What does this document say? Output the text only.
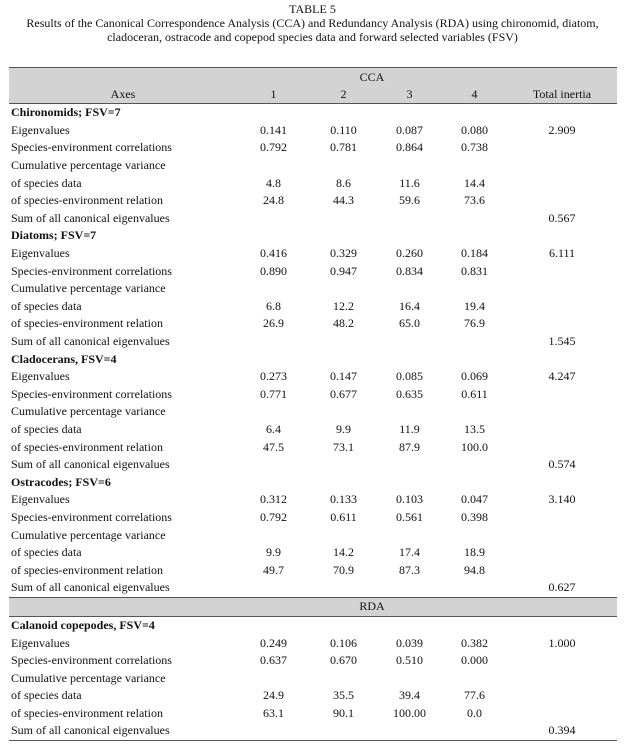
TABLE 5
Results of the Canonical Correspondence Analysis (CCA) and Redundancy Analysis (RDA) using chironomid, diatom, cladoceran, ostracode and copepod species data and forward selected variables (FSV)
	CCA				
Axes	1	2	3	4	Total inertia
Chironomids; FSV=7					
Eigenvalues	0.141	0.110	0.087	0.080	2.909
Species-environment correlations	0.792	0.781	0.864	0.738	
Cumulative percentage variance					
of species data	4.8	8.6	11.6	14.4	
of species-environment relation	24.8	44.3	59.6	73.6	
Sum of all canonical eigenvalues					0.567
Diatoms; FSV=7					
Eigenvalues	0.416	0.329	0.260	0.184	6.111
Species-environment correlations	0.890	0.947	0.834	0.831	
Cumulative percentage variance					
of species data	6.8	12.2	16.4	19.4	
of species-environment relation	26.9	48.2	65.0	76.9	
Sum of all canonical eigenvalues					1.545
Cladocerans, FSV=4					
Eigenvalues	0.273	0.147	0.085	0.069	4.247
Species-environment correlations	0.771	0.677	0.635	0.611	
Cumulative percentage variance					
of species data	6.4	9.9	11.9	13.5	
of species-environment relation	47.5	73.1	87.9	100.0	
Sum of all canonical eigenvalues					0.574
Ostracodes; FSV=6					
Eigenvalues	0.312	0.133	0.103	0.047	3.140
Species-environment correlations	0.792	0.611	0.561	0.398	
Cumulative percentage variance					
of species data	9.9	14.2	17.4	18.9	
of species-environment relation	49.7	70.9	87.3	94.8	
Sum of all canonical eigenvalues					0.627
	RDA				
Calanoid copepodes, FSV=4					
Eigenvalues	0.249	0.106	0.039	0.382	1.000
Species-environment correlations	0.637	0.670	0.510	0.000	
Cumulative percentage variance					
of species data	24.9	35.5	39.4	77.6	
of species-environment relation	63.1	90.1	100.00	0.0	
Sum of all canonical eigenvalues					0.394
